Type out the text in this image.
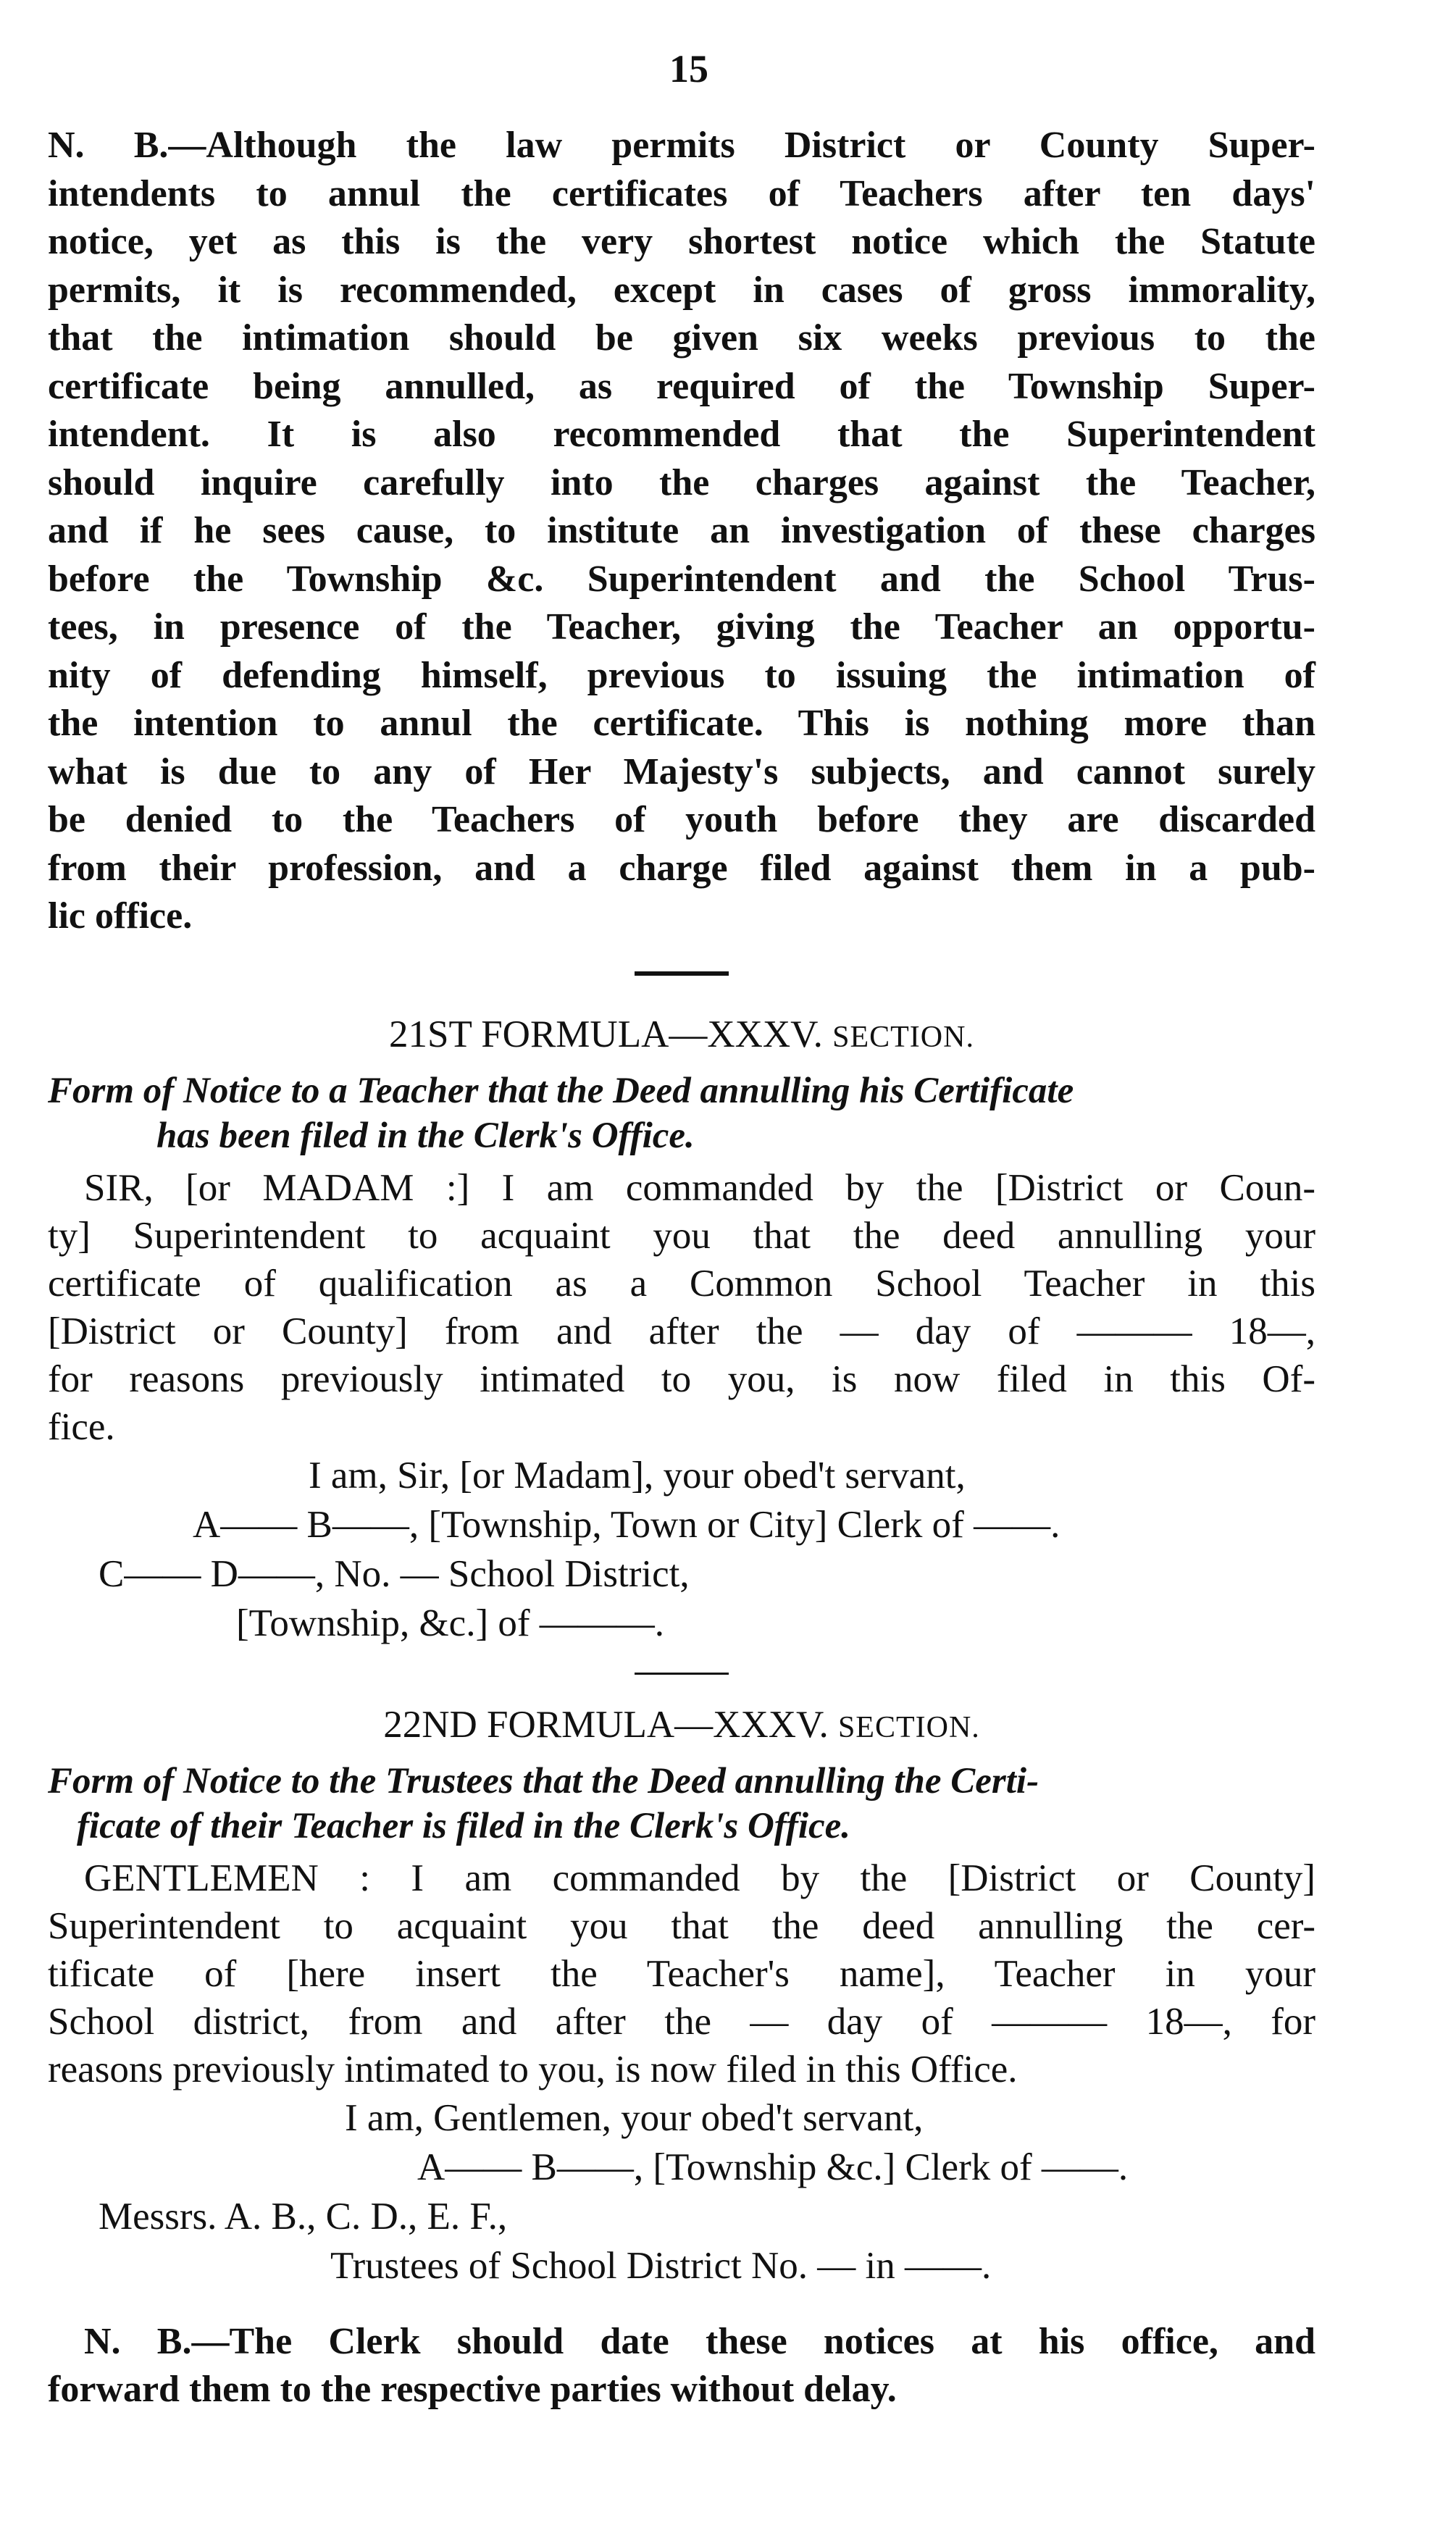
15

N. B.—Although the law permits District or County Super-

intendents to annul the certificates of Teachers after ten days'

notice, yet as this is the very shortest notice which the Statute

permits, it is recommended, except in cases of gross immorality,

that the intimation should be given six weeks previous to the

certificate being annulled, as required of the Township Super-

intendent. It is also recommended that the Superintendent

should inquire carefully into the charges against the Teacher,

and if he sees cause, to institute an investigation of these charges

before the Township &c. Superintendent and the School Trus-

tees, in presence of the Teacher, giving the Teacher an opportu-

nity of defending himself, previous to issuing the intimation of

the intention to annul the certificate. This is nothing more than

what is due to any of Her Majesty's subjects, and cannot surely

be denied to the Teachers of youth before they are discarded

from their profession, and a charge filed against them in a pub-

lic office.

21ST FORMULA—XXXV. SECTION.
Form of Notice to a Teacher that the Deed annulling his Certificate
has been filed in the Clerk's Office.

SIR, [or MADAM :] I am commanded by the [District or Coun-

ty] Superintendent to acquaint you that the deed annulling your

certificate of qualification as a Common School Teacher in this

[District or County] from and after the — day of ——— 18—,

for reasons previously intimated to you, is now filed in this Of-

fice.

I am, Sir, [or Madam], your obed't servant,

A—— B——, [Township, Town or City] Clerk of ——.

C—— D——, No. — School District,

[Township, &c.] of ———.

22ND FORMULA—XXXV. SECTION.
Form of Notice to the Trustees that the Deed annulling the Certi-
ficate of their Teacher is filed in the Clerk's Office.

GENTLEMEN : I am commanded by the [District or County]

Superintendent to acquaint you that the deed annulling the cer-

tificate of [here insert the Teacher's name], Teacher in your

School district, from and after the — day of ——— 18—, for

reasons previously intimated to you, is now filed in this Office.

I am, Gentlemen, your obed't servant,

A—— B——, [Township &c.] Clerk of ——.

Messrs. A. B., C. D., E. F.,

Trustees of School District No. — in ——.

N. B.—The Clerk should date these notices at his office, and

forward them to the respective parties without delay.
